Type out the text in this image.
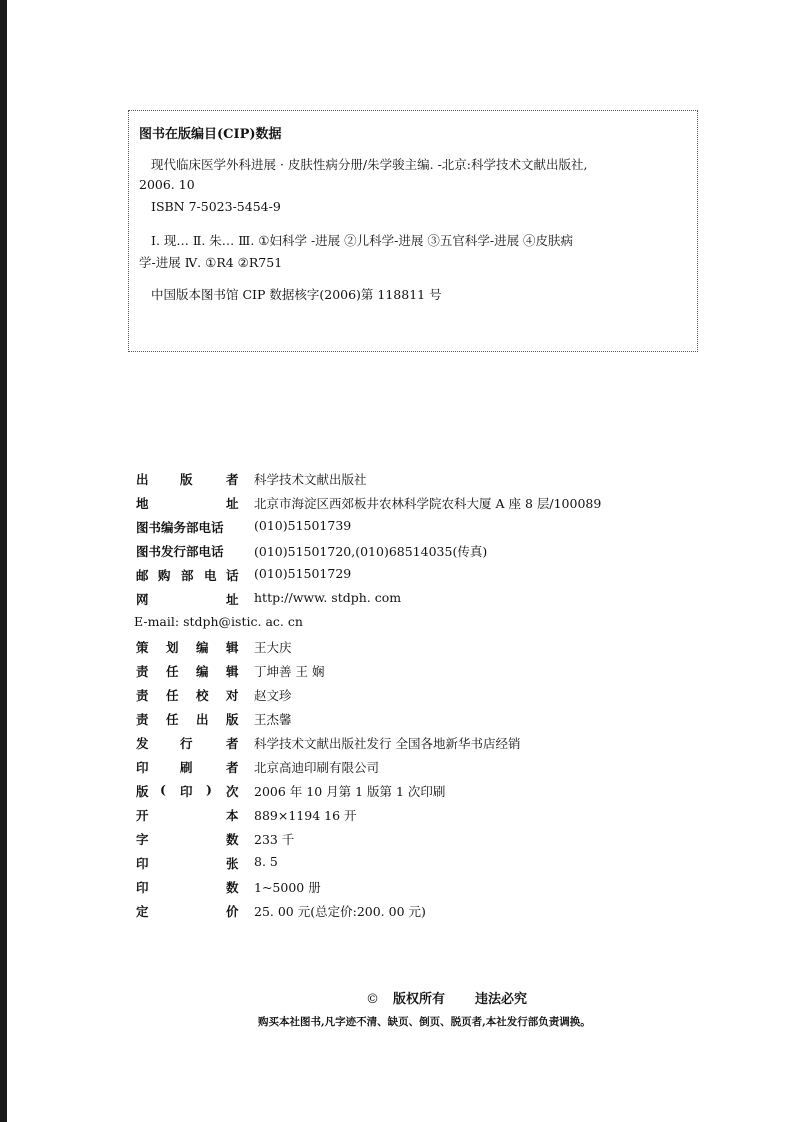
图书在版编目(CIP)数据
现代临床医学外科进展 · 皮肤性病分册/朱学骏主编. -北京:科学技术文献出版社,
2006. 10
ISBN 7-5023-5454-9
Ⅰ. 现… Ⅱ. 朱… Ⅲ. ①妇科学 -进展 ②儿科学-进展 ③五官科学-进展 ④皮肤病
学-进展 Ⅳ. ①R4 ②R751
中国版本图书馆 CIP 数据核字(2006)第 118811 号
出	版	者 科学技术文献出版社
地	址 北京市海淀区西郊板井农林科学院农科大厦 A 座 8 层/100089
图书编务部电话 (010)51501739
图书发行部电话 (010)51501720,(010)68514035(传真)
邮 购 部 电 话 (010)51501729
网	址 http://www. stdph. com
E-mail: stdph@istic. ac. cn
策 划 编 辑 王大庆
责 任 编 辑 丁坤善 王 娴
责 任 校 对 赵文珍
责 任 出 版 王杰馨
发	行	者 科学技术文献出版社发行 全国各地新华书店经销
印	刷	者 北京高迪印刷有限公司
版 ( 印 ) 次 2006 年 10 月第 1 版第 1 次印刷
开	本 889×1194 16 开
字	数 233 千
印	张 8. 5
印	数 1~5000 册
定	价 25. 00 元(总定价:200. 00 元)
© 版权所有 违法必究
购买本社图书,凡字迹不清、缺页、倒页、脱页者,本社发行部负责调换。
